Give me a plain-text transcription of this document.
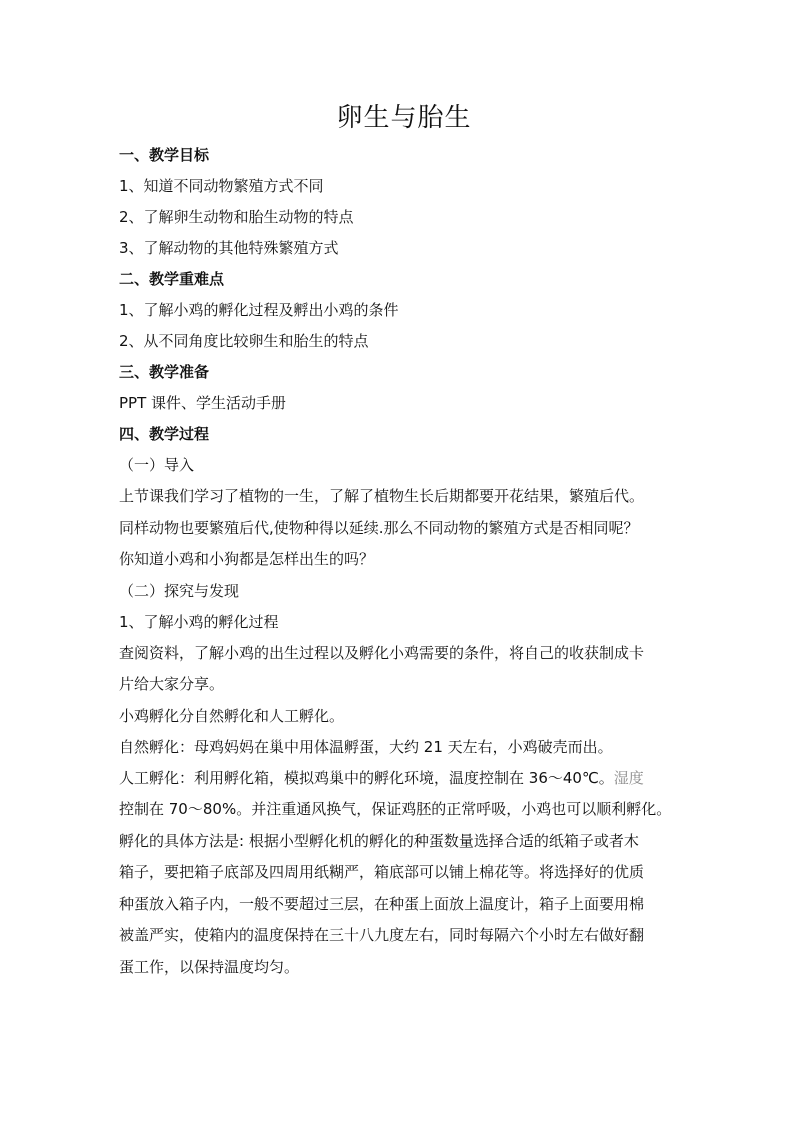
卵生与胎生
一、教学目标
1、知道不同动物繁殖方式不同
2、了解卵生动物和胎生动物的特点
3、了解动物的其他特殊繁殖方式
二、教学重难点
1、了解小鸡的孵化过程及孵出小鸡的条件
2、从不同角度比较卵生和胎生的特点
三、教学准备
PPT 课件、学生活动手册
四、教学过程
（一）导入
上节课我们学习了植物的一生，了解了植物生长后期都要开花结果，繁殖后代。
同样动物也要繁殖后代,使物种得以延续.那么不同动物的繁殖方式是否相同呢？
你知道小鸡和小狗都是怎样出生的吗？
（二）探究与发现
1、了解小鸡的孵化过程
查阅资料，了解小鸡的出生过程以及孵化小鸡需要的条件，将自己的收获制成卡
片给大家分享。
小鸡孵化分自然孵化和人工孵化。
自然孵化：母鸡妈妈在巢中用体温孵蛋，大约 21 天左右，小鸡破壳而出。
人工孵化：利用孵化箱，模拟鸡巢中的孵化环境，温度控制在 36～40℃。湿度
控制在 70～80%。并注重通风换气，保证鸡胚的正常呼吸，小鸡也可以顺利孵化。
孵化的具体方法是: 根据小型孵化机的孵化的种蛋数量选择合适的纸箱子或者木
箱子，要把箱子底部及四周用纸糊严，箱底部可以铺上棉花等。将选择好的优质
种蛋放入箱子内，一般不要超过三层，在种蛋上面放上温度计，箱子上面要用棉
被盖严实，使箱内的温度保持在三十八九度左右，同时每隔六个小时左右做好翻
蛋工作，以保持温度均匀。
